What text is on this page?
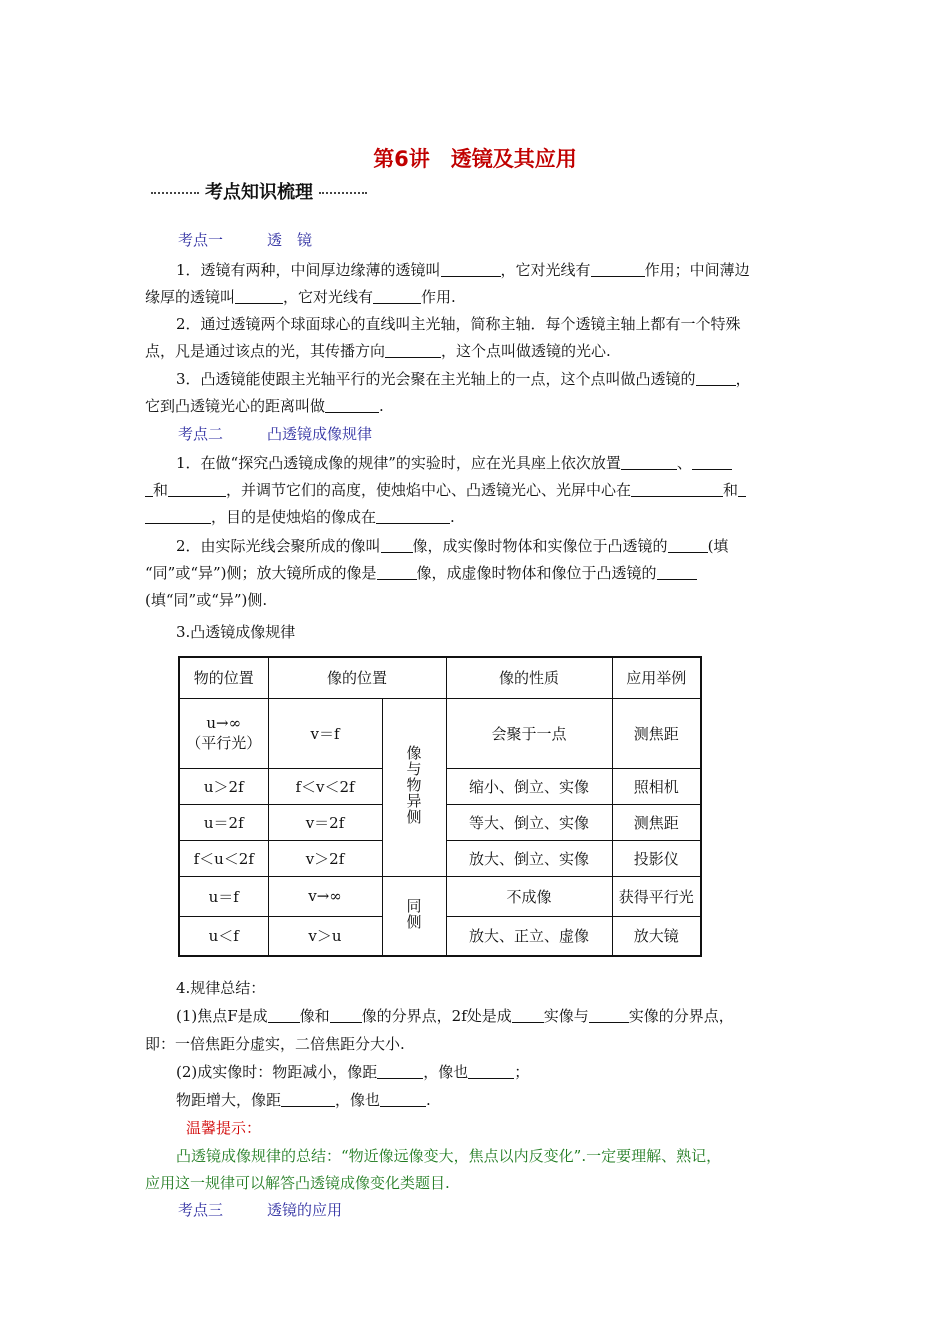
第6讲　透镜及其应用
考点知识梳理
考点一	透　镜
1．透镜有两种，中间厚边缘薄的透镜叫	，它对光线有	作用；中间薄边
缘厚的透镜叫	，它对光线有	作用.
2．通过透镜两个球面球心的直线叫主光轴，简称主轴．每个透镜主轴上都有一个特殊
点，凡是通过该点的光，其传播方向	，这个点叫做透镜的光心.
3．凸透镜能使跟主光轴平行的光会聚在主光轴上的一点，这个点叫做凸透镜的	，
它到凸透镜光心的距离叫做	.
考点二	凸透镜成像规律
1．在做“探究凸透镜成像的规律”的实验时，应在光具座上依次放置	、
和	，并调节它们的高度，使烛焰中心、凸透镜光心、光屏中心在	和
，目的是使烛焰的像成在	.
2．由实际光线会聚所成的像叫 像，成实像时物体和实像位于凸透镜的	(填
“同”或“异”)侧；放大镜所成的像是	像，成虚像时物体和像位于凸透镜的
(填“同”或“异”)侧.
3.凸透镜成像规律
物的位置	像的位置		像的性质	应用举例

u→∞
（平行光）	v＝f	像与物异侧	会聚于一点	测焦距
u＞2f	f＜v＜2f		缩小、倒立、实像	照相机
u＝2f	v＝2f		等大、倒立、实像	测焦距
f＜u＜2f	v＞2f		放大、倒立、实像	投影仪
u＝f	v→∞	同侧	不成像	获得平行光
u＜f	v＞u		放大、正立、虚像	放大镜
4.规律总结：
(1)焦点F是成 像和 像的分界点，2f处是成 实像与	实像的分界点，
即：一倍焦距分虚实，二倍焦距分大小.
(2)成实像时：物距减小，像距	，像也	；
物距增大，像距	，像也	.
温馨提示：
凸透镜成像规律的总结：“物近像远像变大，焦点以内反变化”.一定要理解、熟记，
应用这一规律可以解答凸透镜成像变化类题目.
考点三	透镜的应用
